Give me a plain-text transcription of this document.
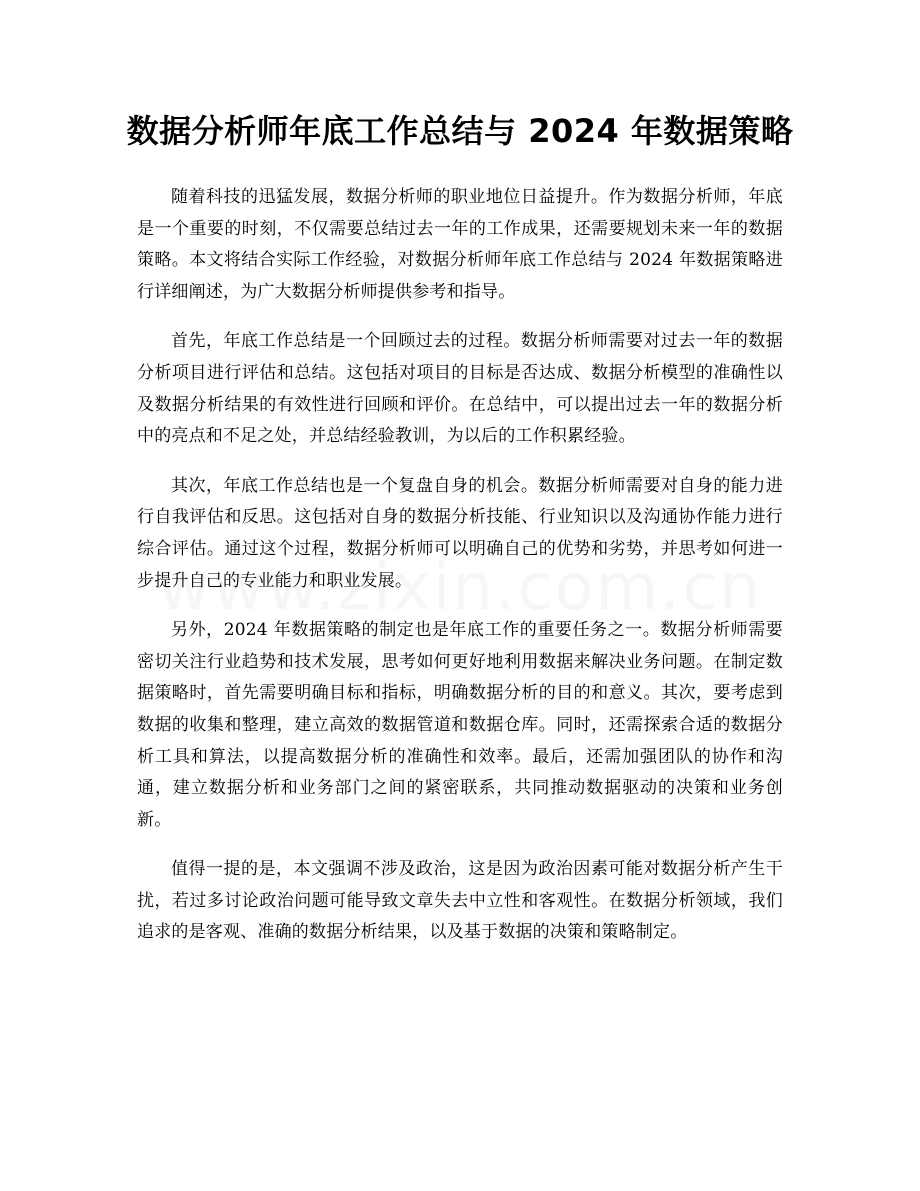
数据分析师年底工作总结与 2024 年数据策略

随着科技的迅猛发展，数据分析师的职业地位日益提升。作为数据分析师，年底是一个重要的时刻，不仅需要总结过去一年的工作成果，还需要规划未来一年的数据策略。本文将结合实际工作经验，对数据分析师年底工作总结与 2024 年数据策略进行详细阐述，为广大数据分析师提供参考和指导。

首先，年底工作总结是一个回顾过去的过程。数据分析师需要对过去一年的数据分析项目进行评估和总结。这包括对项目的目标是否达成、数据分析模型的准确性以及数据分析结果的有效性进行回顾和评价。在总结中，可以提出过去一年的数据分析中的亮点和不足之处，并总结经验教训，为以后的工作积累经验。

其次，年底工作总结也是一个复盘自身的机会。数据分析师需要对自身的能力进行自我评估和反思。这包括对自身的数据分析技能、行业知识以及沟通协作能力进行综合评估。通过这个过程，数据分析师可以明确自己的优势和劣势，并思考如何进一步提升自己的专业能力和职业发展。

另外，2024 年数据策略的制定也是年底工作的重要任务之一。数据分析师需要密切关注行业趋势和技术发展，思考如何更好地利用数据来解决业务问题。在制定数据策略时，首先需要明确目标和指标，明确数据分析的目的和意义。其次，要考虑到数据的收集和整理，建立高效的数据管道和数据仓库。同时，还需探索合适的数据分析工具和算法，以提高数据分析的准确性和效率。最后，还需加强团队的协作和沟通，建立数据分析和业务部门之间的紧密联系，共同推动数据驱动的决策和业务创新。

值得一提的是，本文强调不涉及政治，这是因为政治因素可能对数据分析产生干扰，若过多讨论政治问题可能导致文章失去中立性和客观性。在数据分析领域，我们追求的是客观、准确的数据分析结果，以及基于数据的决策和策略制定。
